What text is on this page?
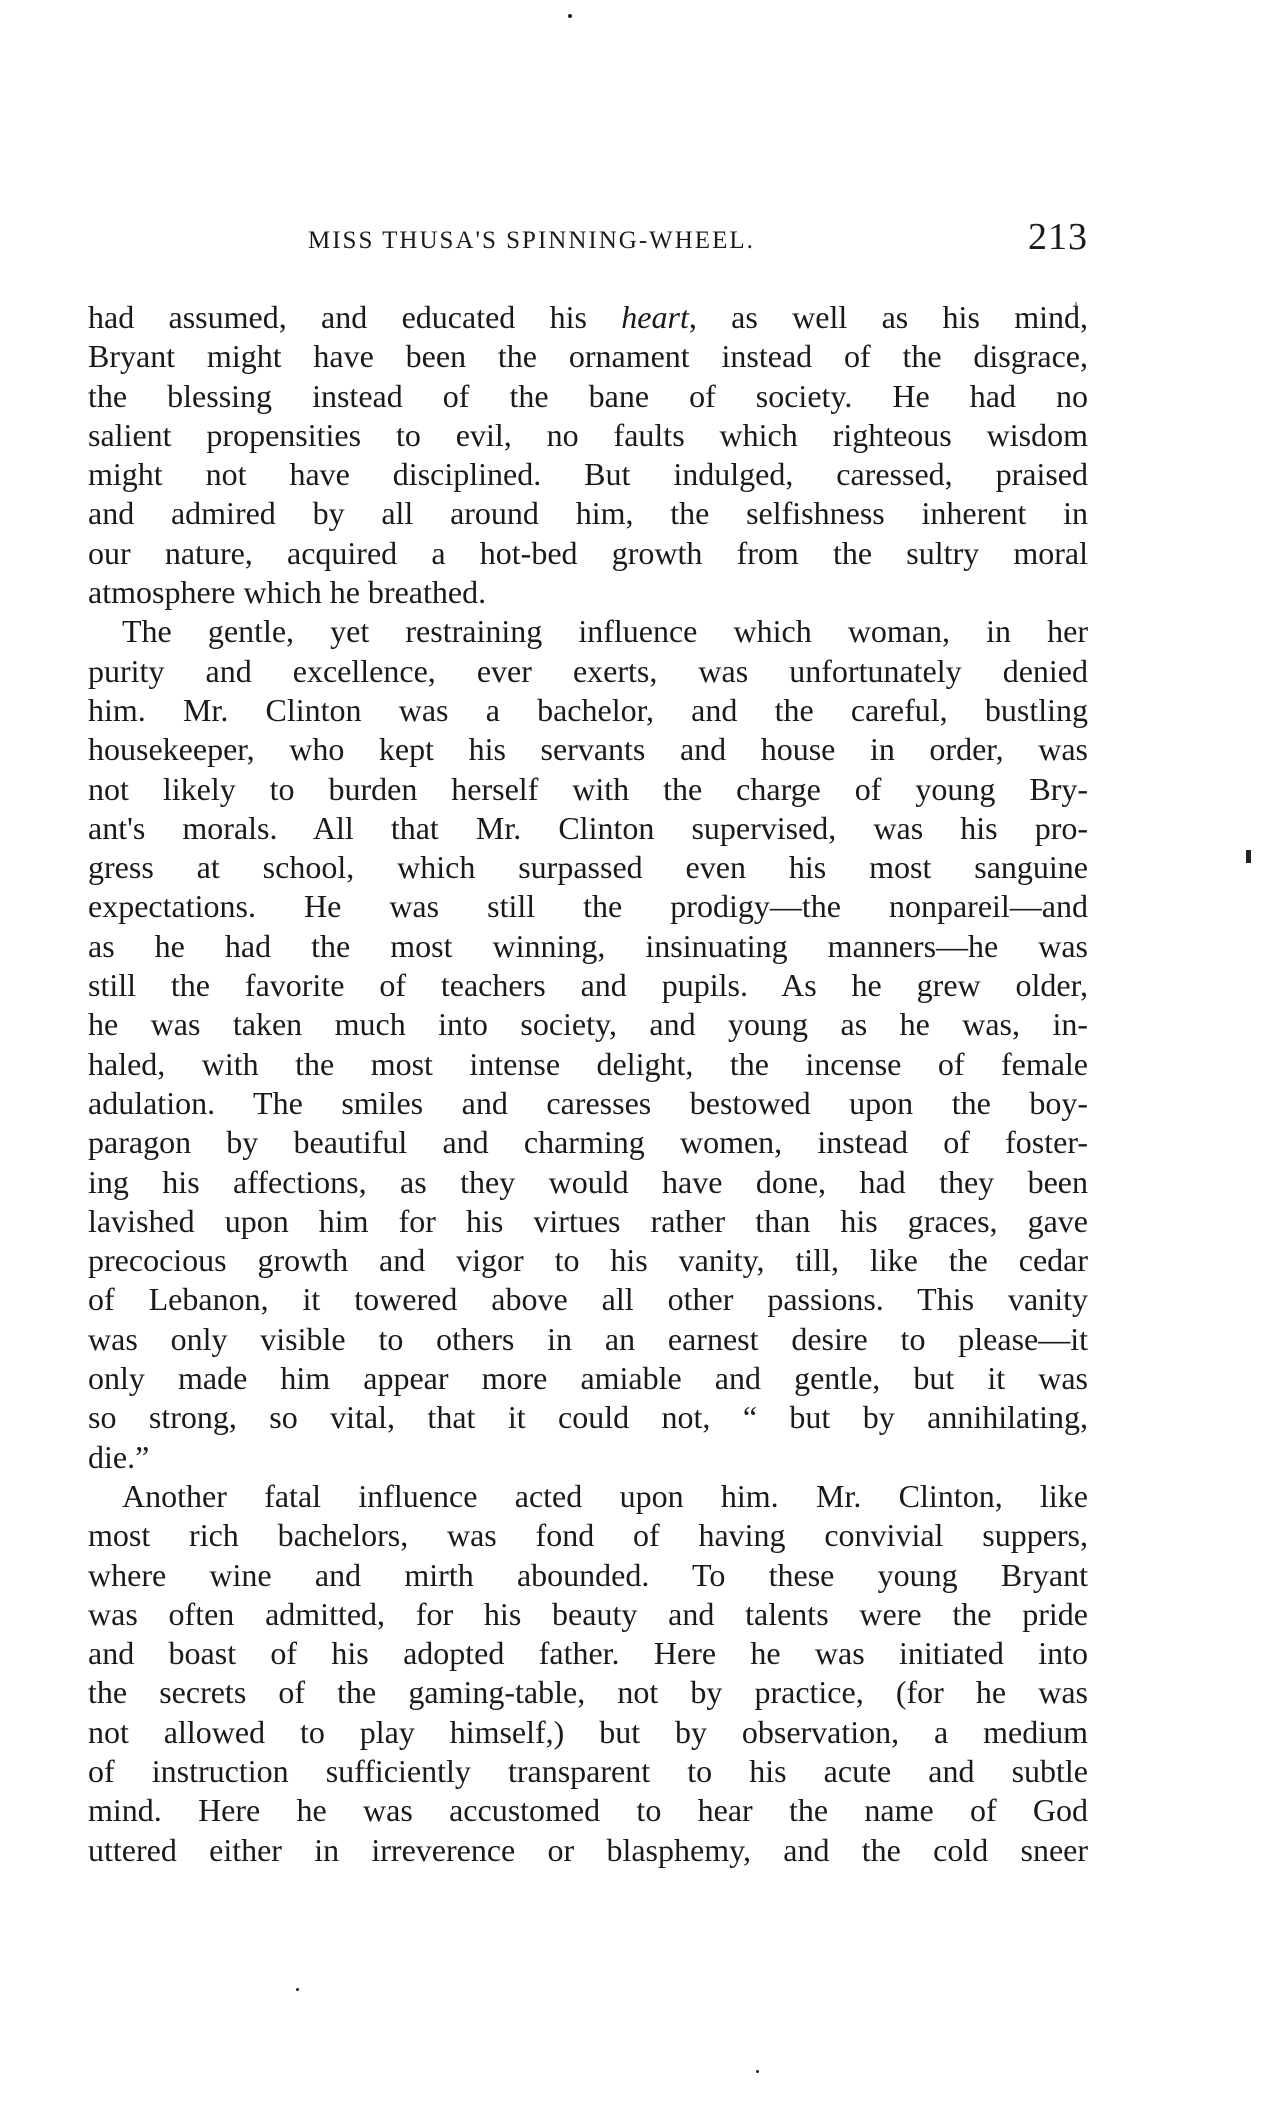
MISS THUSA'S SPINNING-WHEEL.	213
had assumed, and educated his heart, as well as his mind,
Bryant might have been the ornament instead of the disgrace,
the blessing instead of the bane of society. He had no
salient propensities to evil, no faults which righteous wisdom
might not have disciplined. But indulged, caressed, praised
and admired by all around him, the selfishness inherent in
our nature, acquired a hot-bed growth from the sultry moral
atmosphere which he breathed.
The gentle, yet restraining influence which woman, in her
purity and excellence, ever exerts, was unfortunately denied
him. Mr. Clinton was a bachelor, and the careful, bustling
housekeeper, who kept his servants and house in order, was
not likely to burden herself with the charge of young Bry-
ant's morals. All that Mr. Clinton supervised, was his pro-
gress at school, which surpassed even his most sanguine
expectations. He was still the prodigy—the nonpareil—and
as he had the most winning, insinuating manners—he was
still the favorite of teachers and pupils. As he grew older,
he was taken much into society, and young as he was, in-
haled, with the most intense delight, the incense of female
adulation. The smiles and caresses bestowed upon the boy-
paragon by beautiful and charming women, instead of foster-
ing his affections, as they would have done, had they been
lavished upon him for his virtues rather than his graces, gave
precocious growth and vigor to his vanity, till, like the cedar
of Lebanon, it towered above all other passions. This vanity
was only visible to others in an earnest desire to please—it
only made him appear more amiable and gentle, but it was
so strong, so vital, that it could not, “ but by annihilating,
die.”
Another fatal influence acted upon him. Mr. Clinton, like
most rich bachelors, was fond of having convivial suppers,
where wine and mirth abounded. To these young Bryant
was often admitted, for his beauty and talents were the pride
and boast of his adopted father. Here he was initiated into
the secrets of the gaming-table, not by practice, (for he was
not allowed to play himself,) but by observation, a medium
of instruction sufficiently transparent to his acute and subtle
mind. Here he was accustomed to hear the name of God
uttered either in irreverence or blasphemy, and the cold sneer
